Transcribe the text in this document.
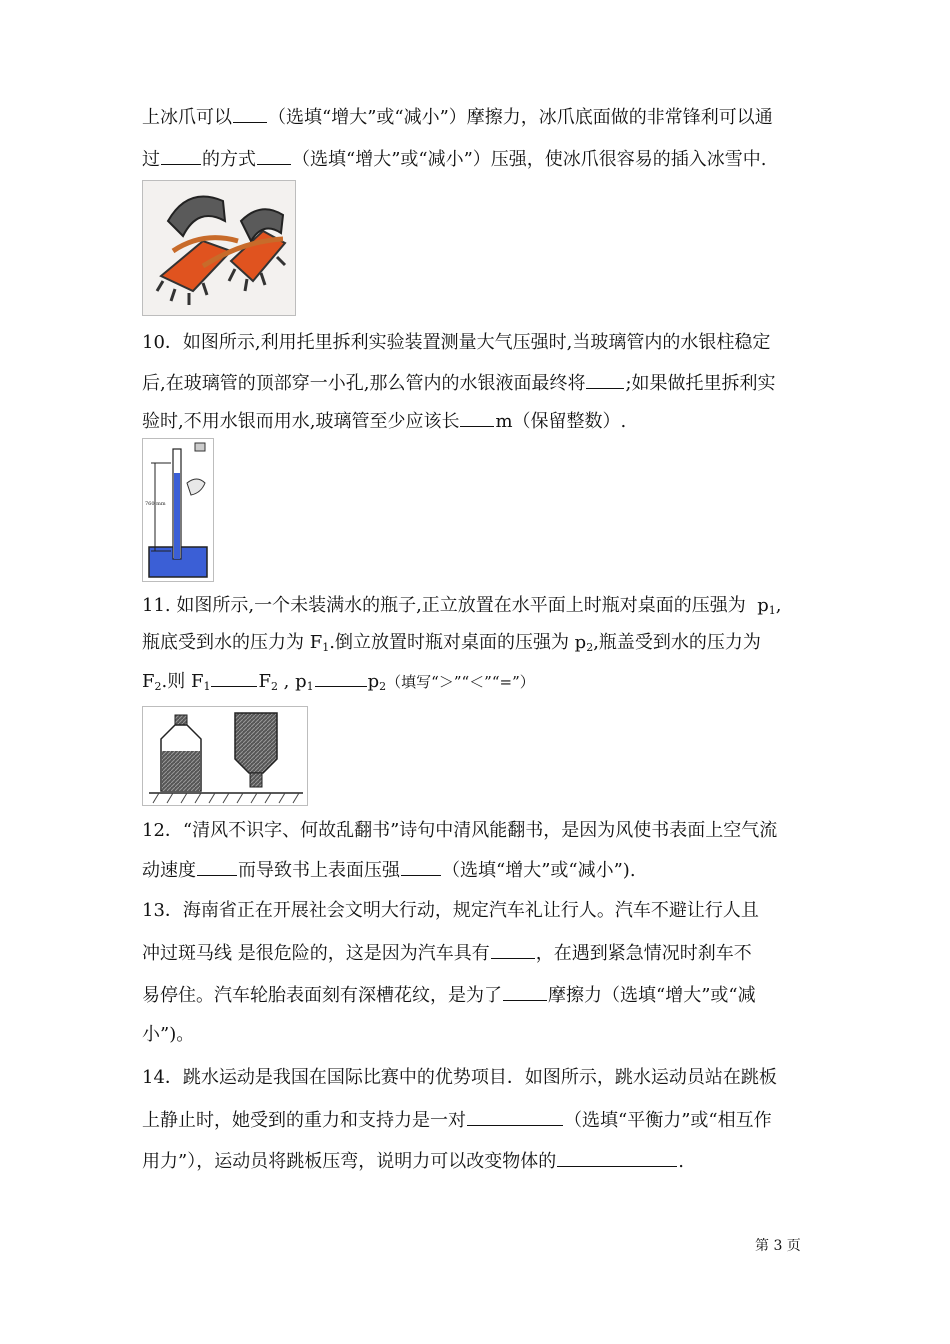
上冰爪可以 （选填“增大”或“减小”）摩擦力，冰爪底面做的非常锋利可以通
过 的方式 （选填“增大”或“减小”）压强，使冰爪很容易的插入冰雪中.
10．如图所示,利用托里拆利实验装置测量大气压强时,当玻璃管内的水银柱稳定
后,在玻璃管的顶部穿一小孔,那么管内的水银液面最终将 ;如果做托里拆利实
验时,不用水银而用水,玻璃管至少应该长 m（保留整数）.
760 mm
11. 如图所示,一个未装满水的瓶子,正立放置在水平面上时瓶对桌面的压强为 $p_1$,
瓶底受到水的压力为 $F_1$.倒立放置时瓶对桌面的压强为 $p_2$,瓶盖受到水的压力为
$F_2$.则 $F_1$	$F_2$ , $p_1$	$p_2$（填写“＞”“＜”“=”）
12．“清风不识字、何故乱翻书”诗句中清风能翻书，是因为风使书表面上空气流
动速度 而导致书上表面压强 （选填“增大”或“减小”).
13．海南省正在开展社会文明大行动，规定汽车礼让行人。汽车不避让行人且
冲过斑马线 是很危险的，这是因为汽车具有	，在遇到紧急情况时刹车不
易停住。汽车轮胎表面刻有深槽花纹，是为了	摩擦力（选填“增大”或“减
小”)。
14．跳水运动是我国在国际比赛中的优势项目．如图所示，跳水运动员站在跳板
上静止时，她受到的重力和支持力是一对	（选填“平衡力”或“相互作
用力”），运动员将跳板压弯，说明力可以改变物体的	.
第 3 页
